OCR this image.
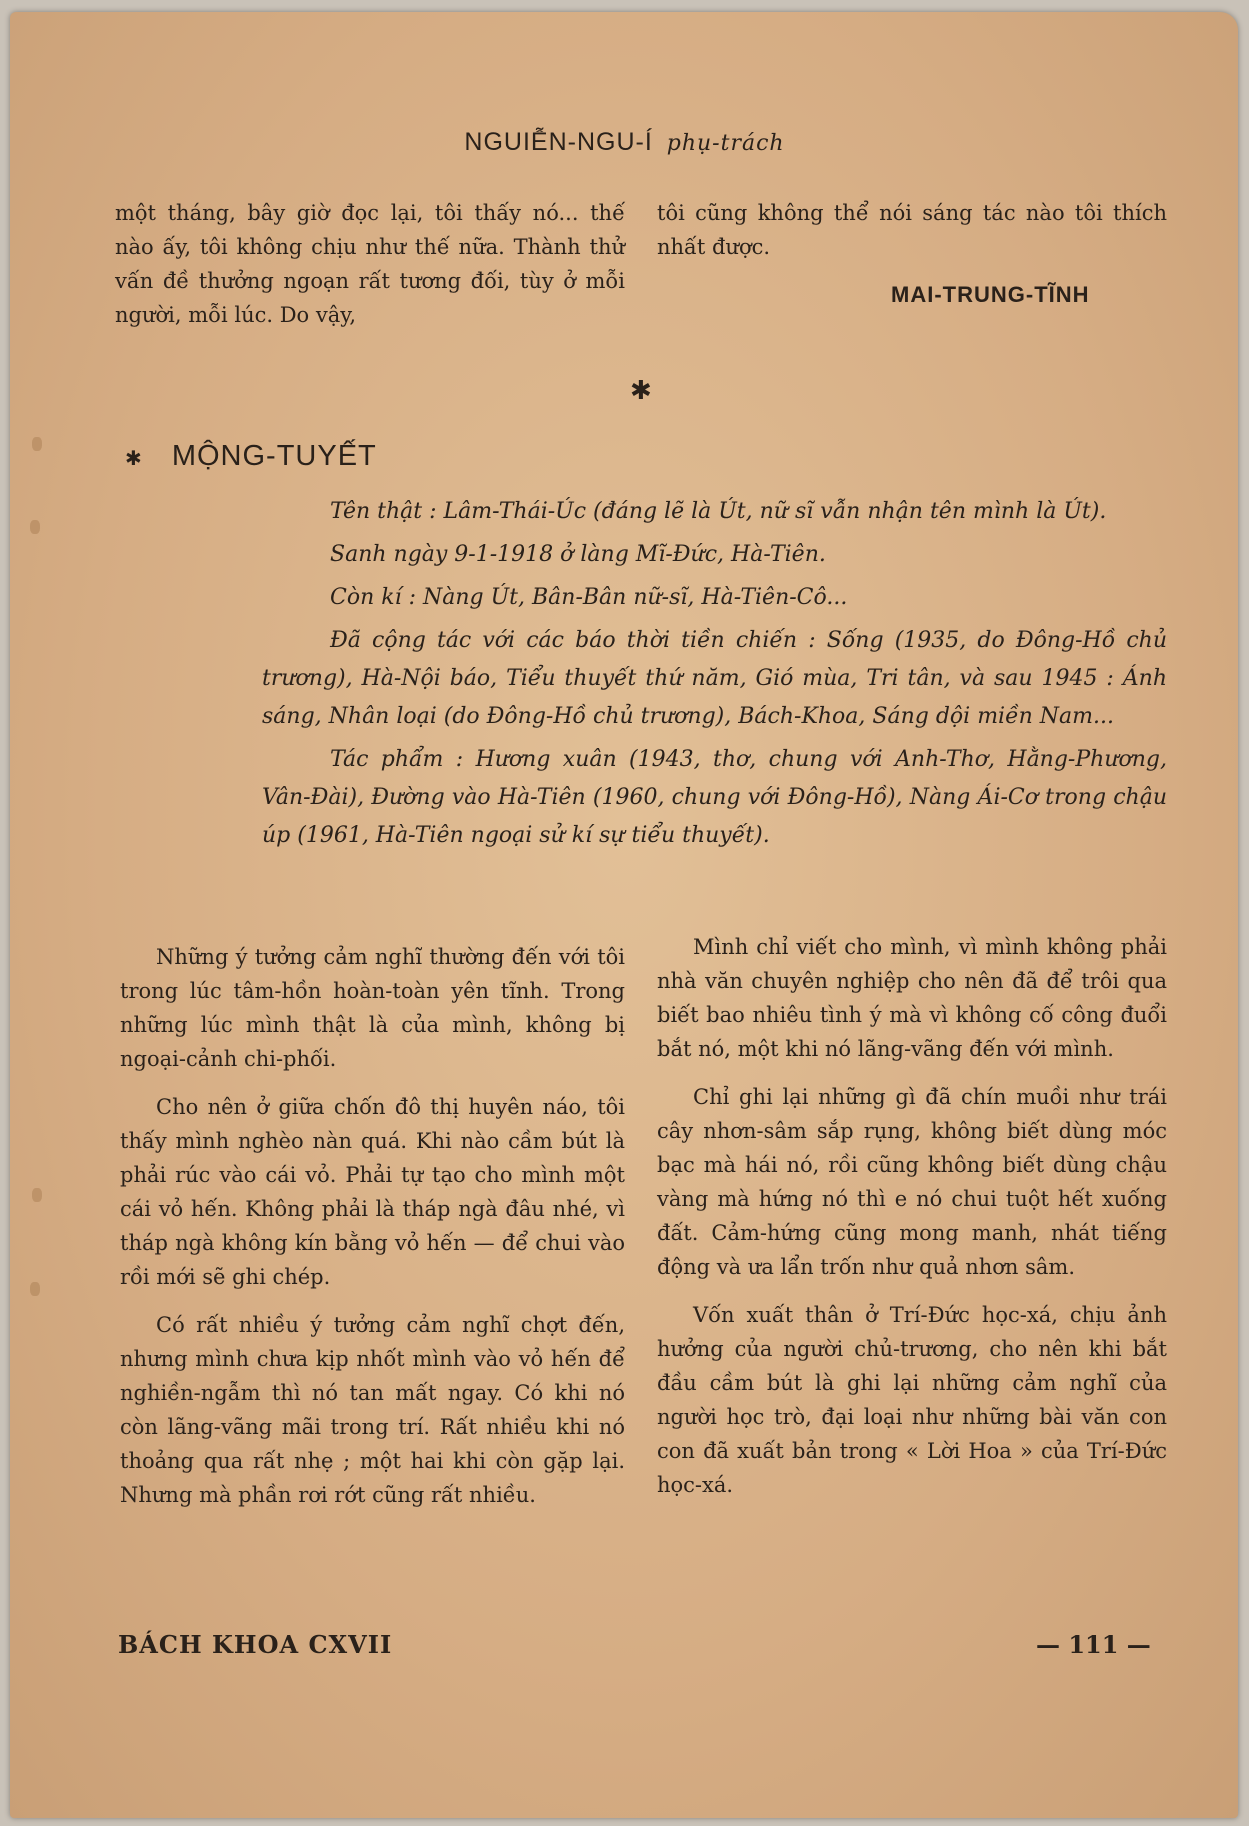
NGUIỄN-NGU-Í phụ-trách
một tháng, bây giờ đọc lại, tôi thấy nó... thế nào ấy, tôi không chịu như thế nữa. Thành thử vấn đề thưởng ngoạn rất tương đối, tùy ở mỗi người, mỗi lúc. Do vậy,
tôi cũng không thể nói sáng tác nào tôi thích nhất được.
MAI-TRUNG-TĨNH
✱
✱ MỘNG-TUYẾT

Tên thật : Lâm-Thái-Úc (đáng lẽ là Út, nữ sĩ vẫn nhận tên mình là Út).

Sanh ngày 9-1-1918 ở làng Mĩ-Đức, Hà-Tiên.

Còn kí : Nàng Út, Bân-Bân nữ-sĩ, Hà-Tiên-Cô...

Đã cộng tác với các báo thời tiền chiến : Sống (1935, do Đông-Hồ chủ trương), Hà-Nội báo, Tiểu thuyết thứ năm, Gió mùa, Tri tân, và sau 1945 : Ánh sáng, Nhân loại (do Đông-Hồ chủ trương), Bách-Khoa, Sáng dội miền Nam...

Tác phẩm : Hương xuân (1943, thơ, chung với Anh-Thơ, Hằng-Phương, Vân-Đài), Đường vào Hà-Tiên (1960, chung với Đông-Hồ), Nàng Ái-Cơ trong chậu úp (1961, Hà-Tiên ngoại sử kí sự tiểu thuyết).

Những ý tưởng cảm nghĩ thường đến với tôi trong lúc tâm-hồn hoàn-toàn yên tĩnh. Trong những lúc mình thật là của mình, không bị ngoại-cảnh chi-phối.

Cho nên ở giữa chốn đô thị huyên náo, tôi thấy mình nghèo nàn quá. Khi nào cầm bút là phải rúc vào cái vỏ. Phải tự tạo cho mình một cái vỏ hến. Không phải là tháp ngà đâu nhé, vì tháp ngà không kín bằng vỏ hến — để chui vào rồi mới sẽ ghi chép.

Có rất nhiều ý tưởng cảm nghĩ chợt đến, nhưng mình chưa kịp nhốt mình vào vỏ hến để nghiền-ngẫm thì nó tan mất ngay. Có khi nó còn lãng-vãng mãi trong trí. Rất nhiều khi nó thoảng qua rất nhẹ ; một hai khi còn gặp lại. Nhưng mà phần rơi rớt cũng rất nhiều.

Mình chỉ viết cho mình, vì mình không phải nhà văn chuyên nghiệp cho nên đã để trôi qua biết bao nhiêu tình ý mà vì không cố công đuổi bắt nó, một khi nó lãng-vãng đến với mình.

Chỉ ghi lại những gì đã chín muồi như trái cây nhơn-sâm sắp rụng, không biết dùng móc bạc mà hái nó, rồi cũng không biết dùng chậu vàng mà hứng nó thì e nó chui tuột hết xuống đất. Cảm-hứng cũng mong manh, nhát tiếng động và ưa lẩn trốn như quả nhơn sâm.

Vốn xuất thân ở Trí-Đức học-xá, chịu ảnh hưởng của người chủ-trương, cho nên khi bắt đầu cầm bút là ghi lại những cảm nghĩ của người học trò, đại loại như những bài văn con con đã xuất bản trong « Lời Hoa » của Trí-Đức học-xá.

BÁCH KHOA CXVII	— 111 —
